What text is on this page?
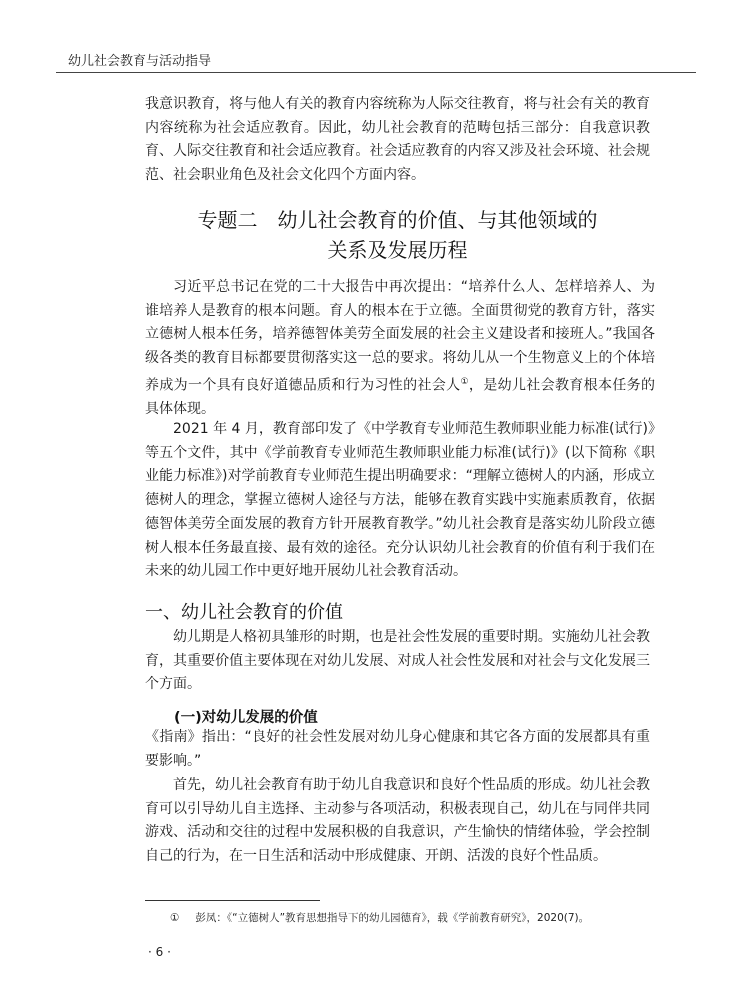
幼儿社会教育与活动指导
我意识教育，将与他人有关的教育内容统称为人际交往教育，将与社会有关的教育内容统称为社会适应教育。因此，幼儿社会教育的范畴包括三部分：自我意识教育、人际交往教育和社会适应教育。社会适应教育的内容又涉及社会环境、社会规范、社会职业角色及社会文化四个方面内容。
专题二　幼儿社会教育的价值、与其他领域的
关系及发展历程
习近平总书记在党的二十大报告中再次提出：“培养什么人、怎样培养人、为谁培养人是教育的根本问题。育人的根本在于立德。全面贯彻党的教育方针，落实立德树人根本任务，培养德智体美劳全面发展的社会主义建设者和接班人。”我国各级各类的教育目标都要贯彻落实这一总的要求。将幼儿从一个生物意义上的个体培养成为一个具有良好道德品质和行为习性的社会人①，是幼儿社会教育根本任务的具体体现。
2021 年 4 月，教育部印发了《中学教育专业师范生教师职业能力标准(试行)》等五个文件，其中《学前教育专业师范生教师职业能力标准(试行)》(以下简称《职业能力标准》)对学前教育专业师范生提出明确要求：“理解立德树人的内涵，形成立德树人的理念，掌握立德树人途径与方法，能够在教育实践中实施素质教育，依据德智体美劳全面发展的教育方针开展教育教学。”幼儿社会教育是落实幼儿阶段立德树人根本任务最直接、最有效的途径。充分认识幼儿社会教育的价值有利于我们在未来的幼儿园工作中更好地开展幼儿社会教育活动。
一、幼儿社会教育的价值
幼儿期是人格初具雏形的时期，也是社会性发展的重要时期。实施幼儿社会教育，其重要价值主要体现在对幼儿发展、对成人社会性发展和对社会与文化发展三个方面。
(一)对幼儿发展的价值
《指南》指出：“良好的社会性发展对幼儿身心健康和其它各方面的发展都具有重要影响。”
首先，幼儿社会教育有助于幼儿自我意识和良好个性品质的形成。幼儿社会教育可以引导幼儿自主选择、主动参与各项活动，积极表现自己，幼儿在与同伴共同游戏、活动和交往的过程中发展积极的自我意识，产生愉快的情绪体验，学会控制自己的行为，在一日生活和活动中形成健康、开朗、活泼的良好个性品质。
① 彭凤：《“立德树人”教育思想指导下的幼儿园德育》，载《学前教育研究》，2020(7)。
· 6 ·
